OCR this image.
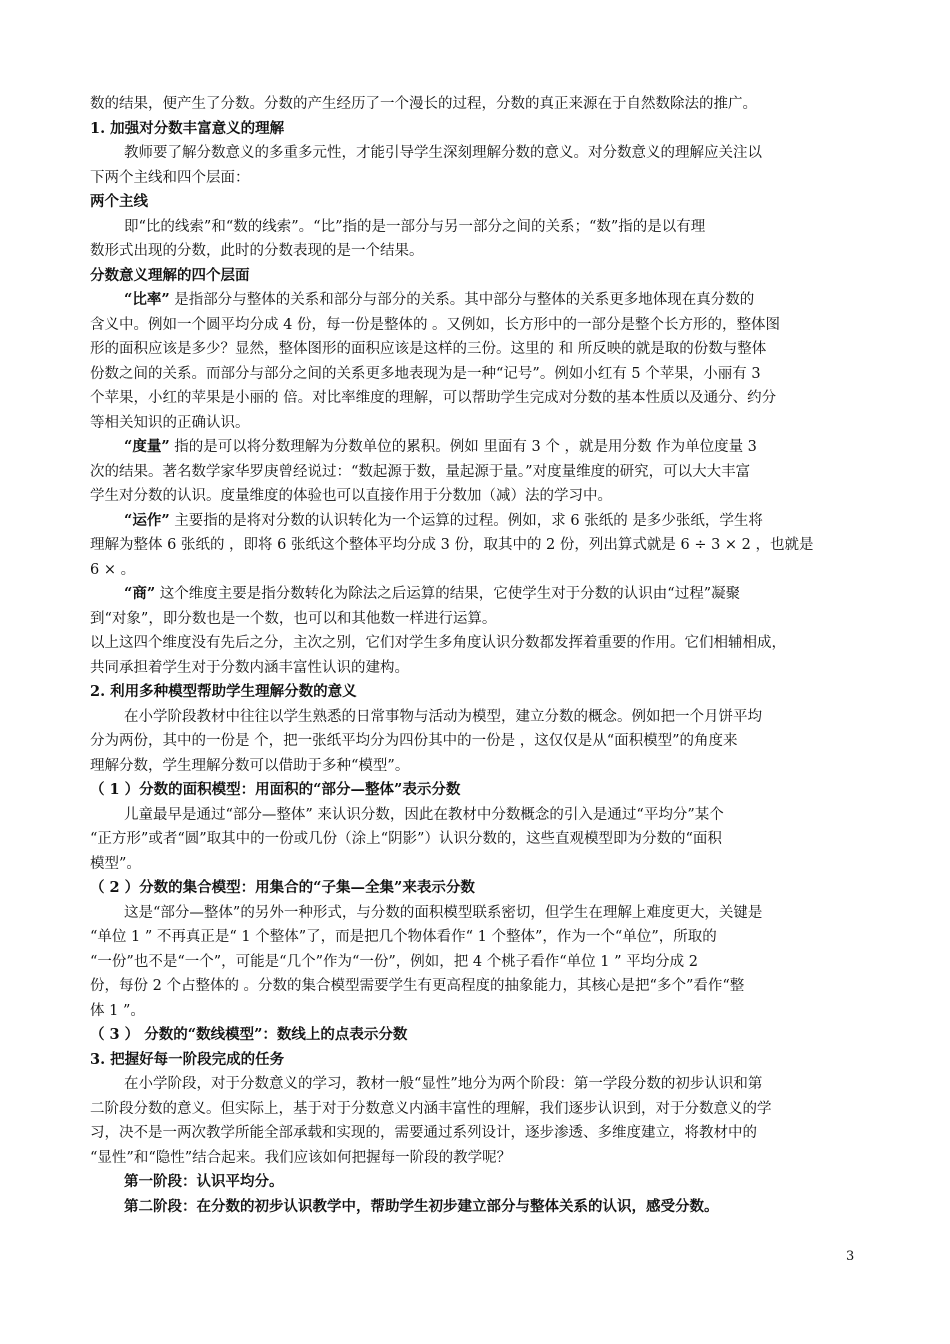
数的结果，便产生了分数。分数的产生经历了一个漫长的过程，分数的真正来源在于自然数除法的推广。
1. 加强对分数丰富意义的理解
教师要了解分数意义的多重多元性，才能引导学生深刻理解分数的意义。对分数意义的理解应关注以
下两个主线和四个层面：
两个主线
即“比的线索”和“数的线索”。“比”指的是一部分与另一部分之间的关系；“数”指的是以有理
数形式出现的分数，此时的分数表现的是一个结果。
分数意义理解的四个层面
“比率” 是指部分与整体的关系和部分与部分的关系。其中部分与整体的关系更多地体现在真分数的
含义中。例如一个圆平均分成 4 份，每一份是整体的 。又例如，长方形中的一部分是整个长方形的，整体图
形的面积应该是多少？显然，整体图形的面积应该是这样的三份。这里的 和 所反映的就是取的份数与整体
份数之间的关系。而部分与部分之间的关系更多地表现为是一种“记号”。例如小红有 5 个苹果，小丽有 3
个苹果，小红的苹果是小丽的 倍。对比率维度的理解，可以帮助学生完成对分数的基本性质以及通分、约分
等相关知识的正确认识。
“度量” 指的是可以将分数理解为分数单位的累积。例如 里面有 3 个 ，就是用分数 作为单位度量 3
次的结果。著名数学家华罗庚曾经说过：“数起源于数，量起源于量。”对度量维度的研究，可以大大丰富
学生对分数的认识。度量维度的体验也可以直接作用于分数加（减）法的学习中。
“运作” 主要指的是将对分数的认识转化为一个运算的过程。例如，求 6 张纸的 是多少张纸，学生将
理解为整体 6 张纸的 ，即将 6 张纸这个整体平均分成 3 份，取其中的 2 份，列出算式就是 6 ÷ 3 × 2 ，也就是
6 × 。
“商” 这个维度主要是指分数转化为除法之后运算的结果，它使学生对于分数的认识由“过程”凝聚
到“对象”，即分数也是一个数，也可以和其他数一样进行运算。
以上这四个维度没有先后之分，主次之别，它们对学生多角度认识分数都发挥着重要的作用。它们相辅相成，
共同承担着学生对于分数内涵丰富性认识的建构。
2. 利用多种模型帮助学生理解分数的意义
在小学阶段教材中往往以学生熟悉的日常事物与活动为模型，建立分数的概念。例如把一个月饼平均
分为两份，其中的一份是 个，把一张纸平均分为四份其中的一份是 ，这仅仅是从“面积模型”的角度来
理解分数，学生理解分数可以借助于多种“模型”。
（ 1 ）分数的面积模型：用面积的“部分—整体”表示分数
儿童最早是通过“部分—整体” 来认识分数，因此在教材中分数概念的引入是通过“平均分”某个
“正方形”或者“圆”取其中的一份或几份（涂上“阴影”）认识分数的，这些直观模型即为分数的“面积
模型”。
（ 2 ）分数的集合模型：用集合的“子集—全集”来表示分数
这是“部分—整体”的另外一种形式，与分数的面积模型联系密切，但学生在理解上难度更大，关键是
“单位 1 ” 不再真正是“ 1 个整体”了，而是把几个物体看作“ 1 个整体”，作为一个“单位”，所取的
“一份”也不是“一个”，可能是“几个”作为“一份”，例如，把 4 个桃子看作“单位 1 ” 平均分成 2
份，每份 2 个占整体的 。分数的集合模型需要学生有更高程度的抽象能力，其核心是把“多个”看作“整
体 1 ”。
（ 3 ） 分数的“数线模型”：数线上的点表示分数
3. 把握好每一阶段完成的任务
在小学阶段，对于分数意义的学习，教材一般“显性”地分为两个阶段：第一学段分数的初步认识和第
二阶段分数的意义。但实际上，基于对于分数意义内涵丰富性的理解，我们逐步认识到，对于分数意义的学
习，决不是一两次教学所能全部承载和实现的，需要通过系列设计，逐步渗透、多维度建立，将教材中的
“显性”和“隐性”结合起来。我们应该如何把握每一阶段的教学呢？
第一阶段：认识平均分。
第二阶段：在分数的初步认识教学中，帮助学生初步建立部分与整体关系的认识，感受分数。
3
